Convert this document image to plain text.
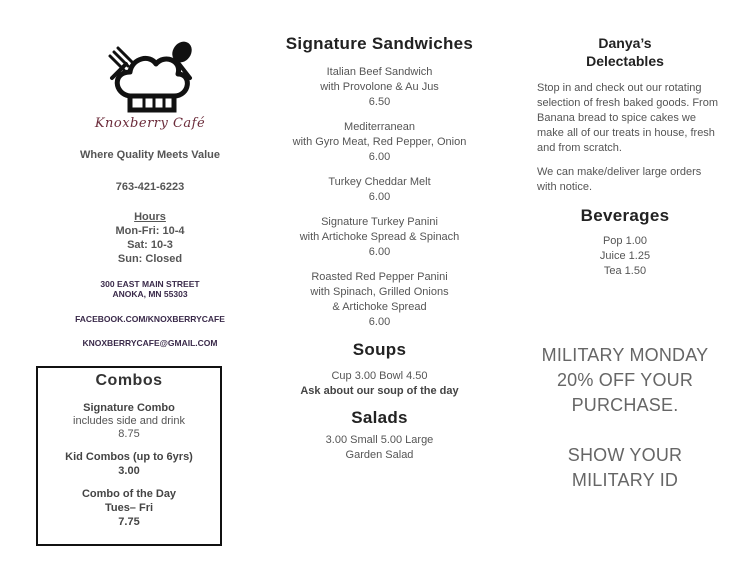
Knoxberry Café
Where Quality Meets Value
763-421-6223
Hours
Mon-Fri: 10-4
Sat: 10-3
Sun: Closed
300 EAST MAIN STREET
ANOKA, MN 55303
FACEBOOK.COM/KNOXBERRYCAFE
KNOXBERRYCAFE@GMAIL.COM
Combos
Signature Combo
includes side and drink
8.75
Kid Combos (up to 6yrs)
3.00
Combo of the Day
Tues– Fri
7.75
Signature Sandwiches
Italian Beef Sandwich
with Provolone & Au Jus
6.50
Mediterranean
with Gyro Meat, Red Pepper, Onion
6.00
Turkey Cheddar Melt
6.00
Signature Turkey Panini
with Artichoke Spread & Spinach
6.00
Roasted Red Pepper Panini
with Spinach, Grilled Onions
& Artichoke Spread
6.00
Soups
Cup 3.00 Bowl 4.50
Ask about our soup of the day
Salads
3.00 Small 5.00 Large
Garden Salad
Danya’s
Delectables
Stop in and check out our rotating selection of fresh baked goods. From Banana bread to spice cakes we make all of our treats in house, fresh and from scratch.
We can make/deliver large orders with notice.
Beverages
Pop 1.00
Juice 1.25
Tea 1.50
MILITARY MONDAY
20% OFF YOUR
PURCHASE.
SHOW YOUR
MILITARY ID
